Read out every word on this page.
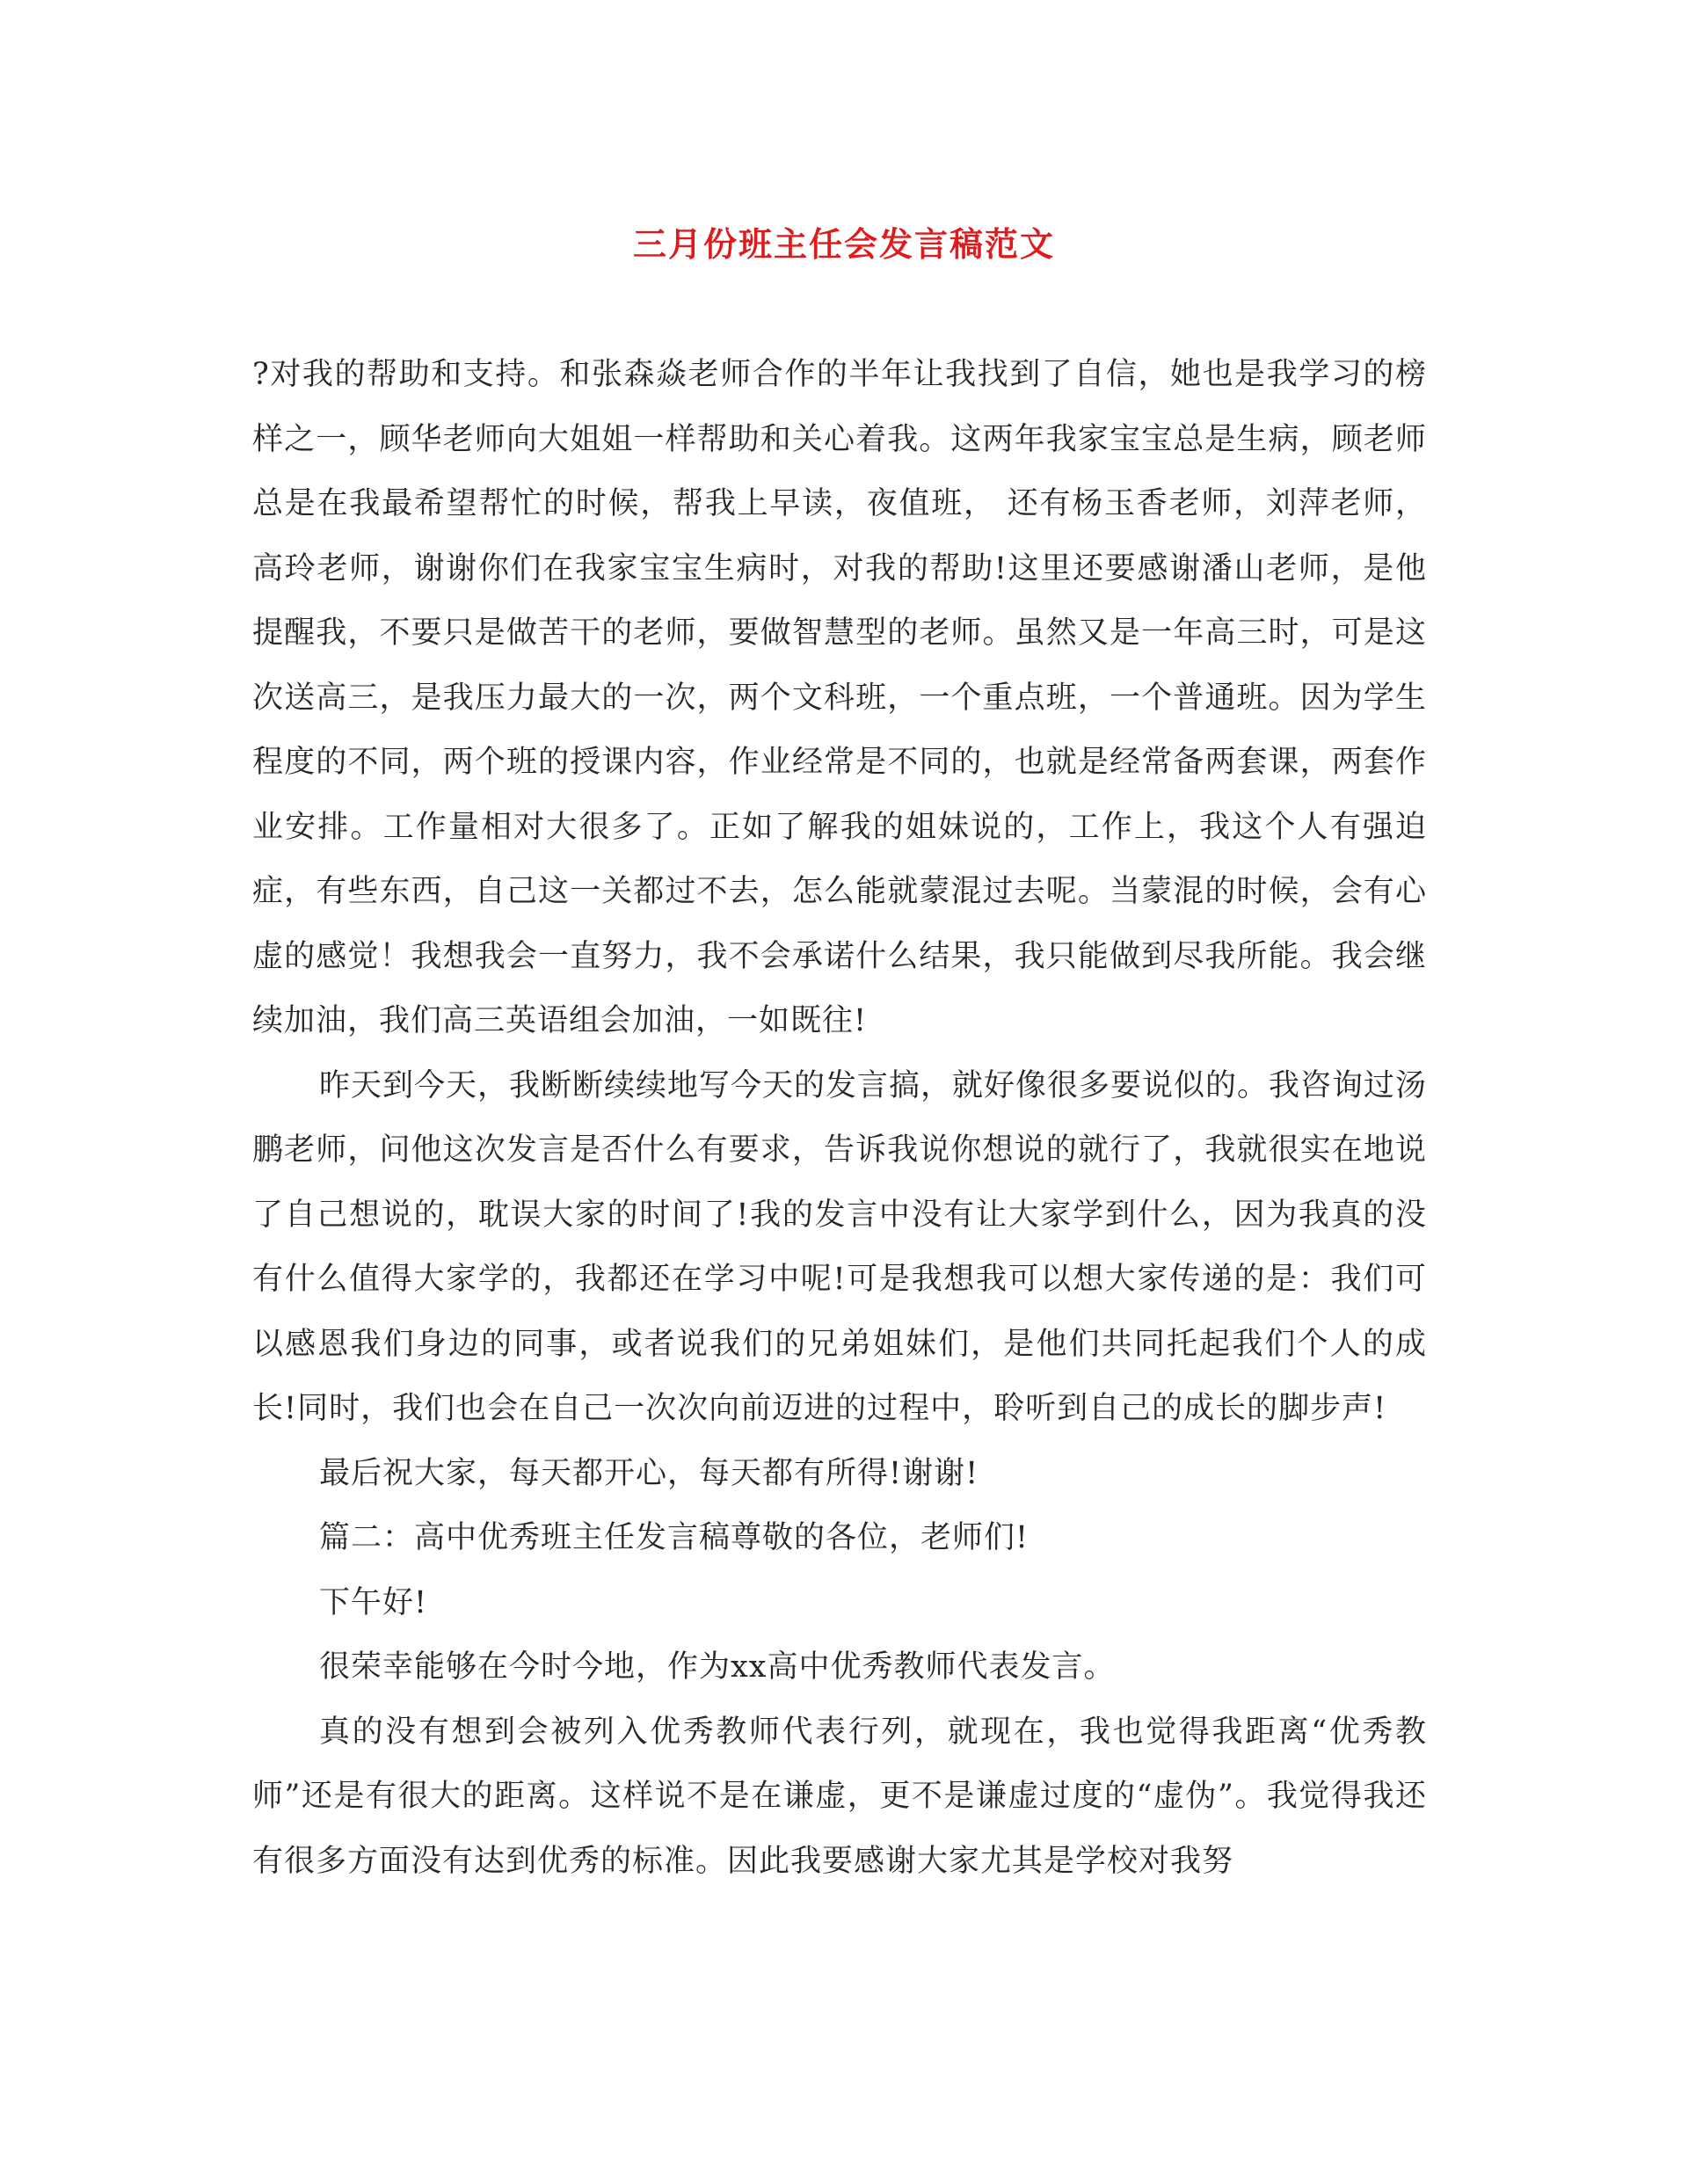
三月份班主任会发言稿范文

?对我的帮助和支持。和张森焱老师合作的半年让我找到了自信，她也是我学习的榜样之一，顾华老师向大姐姐一样帮助和关心着我。这两年我家宝宝总是生病，顾老师总是在我最希望帮忙的时候，帮我上早读，夜值班， 还有杨玉香老师，刘萍老师，高玲老师，谢谢你们在我家宝宝生病时，对我的帮助!这里还要感谢潘山老师，是他提醒我，不要只是做苦干的老师，要做智慧型的老师。虽然又是一年高三时，可是这次送高三，是我压力最大的一次，两个文科班，一个重点班，一个普通班。因为学生程度的不同，两个班的授课内容，作业经常是不同的，也就是经常备两套课，两套作业安排。工作量相对大很多了。正如了解我的姐妹说的，工作上，我这个人有强迫症，有些东西，自己这一关都过不去，怎么能就蒙混过去呢。当蒙混的时候，会有心虚的感觉！我想我会一直努力，我不会承诺什么结果，我只能做到尽我所能。我会继续加油，我们高三英语组会加油，一如既往!

昨天到今天，我断断续续地写今天的发言搞，就好像很多要说似的。我咨询过汤鹏老师，问他这次发言是否什么有要求，告诉我说你想说的就行了，我就很实在地说了自己想说的，耽误大家的时间了!我的发言中没有让大家学到什么，因为我真的没有什么值得大家学的，我都还在学习中呢!可是我想我可以想大家传递的是：我们可以感恩我们身边的同事，或者说我们的兄弟姐妹们，是他们共同托起我们个人的成长!同时，我们也会在自己一次次向前迈进的过程中，聆听到自己的成长的脚步声!

最后祝大家，每天都开心，每天都有所得!谢谢!

篇二：高中优秀班主任发言稿尊敬的各位，老师们!

下午好!

很荣幸能够在今时今地，作为xx高中优秀教师代表发言。

真的没有想到会被列入优秀教师代表行列，就现在，我也觉得我距离“优秀教师”还是有很大的距离。这样说不是在谦虚，更不是谦虚过度的“虚伪”。我觉得我还有很多方面没有达到优秀的标准。因此我要感谢大家尤其是学校对我努
